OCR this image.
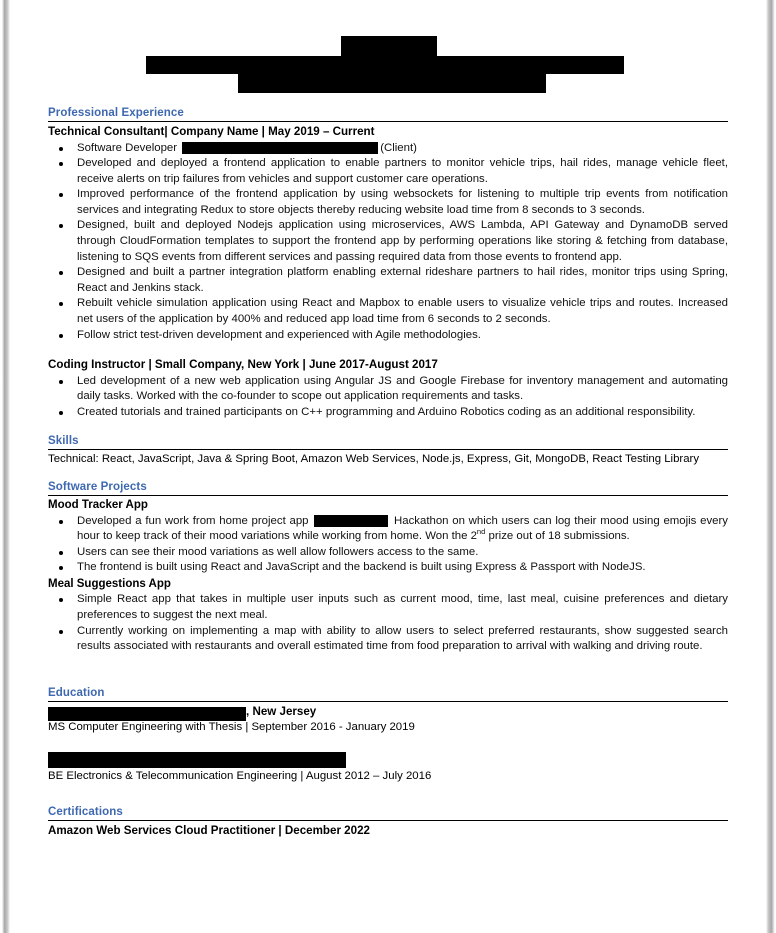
Professional Experience
Technical Consultant| Company Name | May 2019 – Current
Software Developer	(Client)
Developed and deployed a frontend application to enable partners to monitor vehicle trips, hail rides, manage vehicle fleet, receive alerts on trip failures from vehicles and support customer care operations.
Improved performance of the frontend application by using websockets for listening to multiple trip events from notification services and integrating Redux to store objects thereby reducing website load time from 8 seconds to 3 seconds.
Designed, built and deployed Nodejs application using microservices, AWS Lambda, API Gateway and DynamoDB served through CloudFormation templates to support the frontend app by performing operations like storing & fetching from database, listening to SQS events from different services and passing required data from those events to frontend app.
Designed and built a partner integration platform enabling external rideshare partners to hail rides, monitor trips using Spring, React and Jenkins stack.
Rebuilt vehicle simulation application using React and Mapbox to enable users to visualize vehicle trips and routes. Increased net users of the application by 400% and reduced app load time from 6 seconds to 2 seconds.
Follow strict test-driven development and experienced with Agile methodologies.
Coding Instructor | Small Company, New York | June 2017-August 2017
Led development of a new web application using Angular JS and Google Firebase for inventory management and automating daily tasks. Worked with the co-founder to scope out application requirements and tasks.
Created tutorials and trained participants on C++ programming and Arduino Robotics coding as an additional responsibility.
Skills
Technical: React, JavaScript, Java & Spring Boot, Amazon Web Services, Node.js, Express, Git, MongoDB, React Testing Library
Software Projects
Mood Tracker App
Developed a fun work from home project app	Hackathon on which users can log their mood using emojis every hour to keep track of their mood variations while working from home. Won the 2nd prize out of 18 submissions.
Users can see their mood variations as well allow followers access to the same.
The frontend is built using React and JavaScript and the backend is built using Express & Passport with NodeJS.
Meal Suggestions App
Simple React app that takes in multiple user inputs such as current mood, time, last meal, cuisine preferences and dietary preferences to suggest the next meal.
Currently working on implementing a map with ability to allow users to select preferred restaurants, show suggested search results associated with restaurants and overall estimated time from food preparation to arrival with walking and driving route.
Education
, New Jersey
MS Computer Engineering with Thesis | September 2016 - January 2019
BE Electronics & Telecommunication Engineering | August 2012 – July 2016
Certifications
Amazon Web Services Cloud Practitioner | December 2022
